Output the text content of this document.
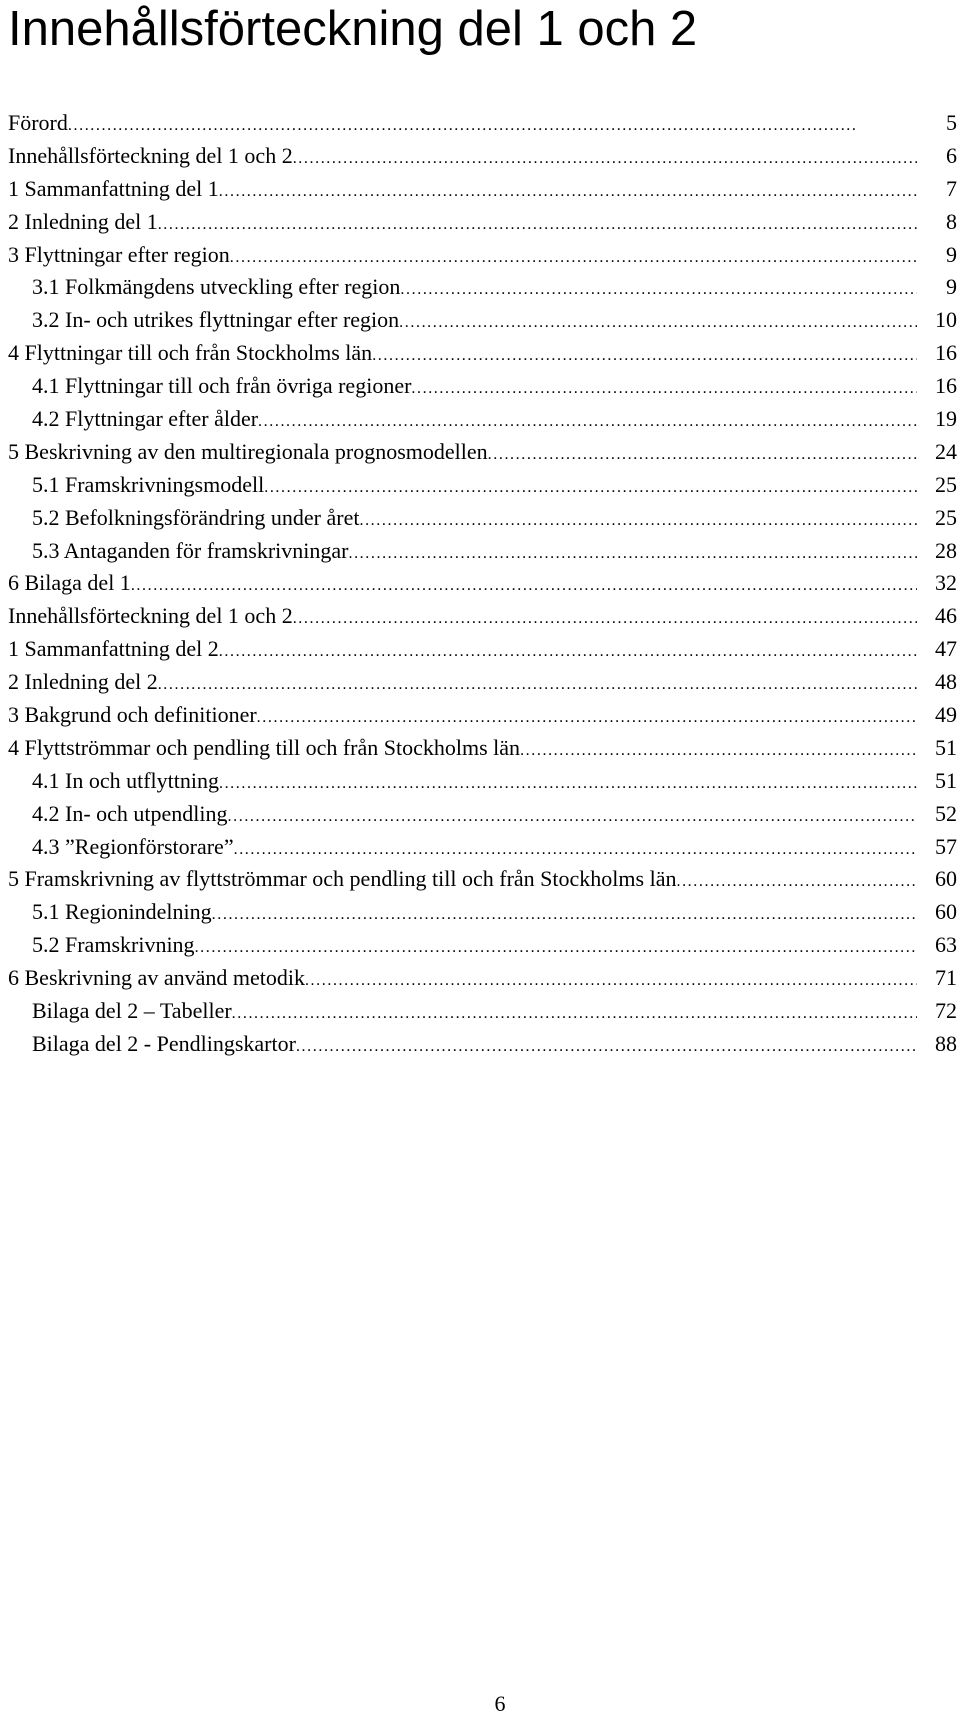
Innehållsförteckning del 1 och 2
Förord . . .	5
Innehållsförteckning del 1 och 2 . . .	6
1 Sammanfattning del 1 . . .	7
2 Inledning del 1 . . .	8
3 Flyttningar efter region . . .	9
3.1 Folkmängdens utveckling efter region . . .	9
3.2 In- och utrikes flyttningar efter region . . .	10
4 Flyttningar till och från Stockholms län . . .	16
4.1 Flyttningar till och från övriga regioner . . .	16
4.2 Flyttningar efter ålder . . .	19
5 Beskrivning av den multiregionala prognosmodellen . . .	24
5.1 Framskrivningsmodell . . .	25
5.2 Befolkningsförändring under året . . .	25
5.3 Antaganden för framskrivningar . . .	28
6 Bilaga del 1 . . .	32
Innehållsförteckning del 1 och 2 . . .	46
1 Sammanfattning del 2 . . .	47
2 Inledning del 2 . . .	48
3 Bakgrund och definitioner . . .	49
4 Flyttströmmar och pendling till och från Stockholms län . . .	51
4.1 In och utflyttning . . .	51
4.2 In- och utpendling . . .	52
4.3 ”Regionförstorare” . . .	57
5 Framskrivning av flyttströmmar och pendling till och från Stockholms län . . .	60
5.1 Regionindelning . . .	60
5.2 Framskrivning . . .	63
6 Beskrivning av använd metodik . . .	71
Bilaga del 2 – Tabeller . . .	72
Bilaga del 2 - Pendlingskartor . . .	88
6
